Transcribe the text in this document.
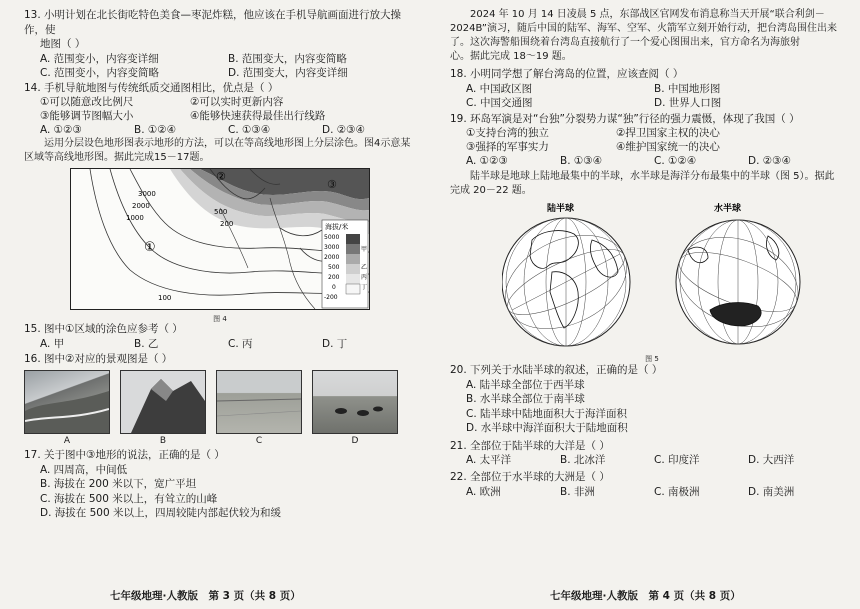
13. 小明计划在北长街吃特色美食—枣泥炸糕，他应该在手机导航画面进行放大操作，使

地图（ ）

A. 范围变小，内容变详细	B. 范围变大，内容变简略
C. 范围变小，内容变简略	D. 范围变大，内容变详细

14. 手机导航地图与传统纸质交通图相比，优点是（ ）

①可以随意改比例尺	②可以实时更新内容
③能够调节图幅大小	④能够快速获得最佳出行线路
A. ①②③	B. ①②④	C. ①③④	D. ②③④

运用分层设色地形图表示地形的方法，可以在等高线地形图上分层涂色。图4示意某

区域等高线地形图。据此完成15－17题。

3000
2000
1000
500
200
100
①
②
③
海拔/米
5000
3000
2000
500
200
0
-200
甲
乙
丙
丁
图 4

15. 图中①区域的涂色应参考（ ）

A. 甲	B. 乙	C. 丙	D. 丁

16. 图中②对应的景观图是（ ）

A	B	C	D

17. 关于图中③地形的说法，正确的是（ ）

A. 四周高，中间低

B. 海拔在 200 米以下，宽广平坦

C. 海拔在 500 米以上，有耸立的山峰

D. 海拔在 500 米以上，四周较陡内部起伏较为和缓

七年级地理·人教版　第 3 页（共 8 页）

2024 年 10 月 14 日凌晨 5 点，东部战区官网发布消息称当天开展“联合利剑－

2024B”演习，随后中国的陆军、海军、空军、火箭军立刻开始行动，把台湾岛围住出来

了。这次海警船围绕着台湾岛直接航行了一个爱心图围出来，官方命名为海旅射

心。据此完成 18～19 题。

18. 小明同学想了解台湾岛的位置，应该查阅（ ）

A. 中国政区图	B. 中国地形图
C. 中国交通图	D. 世界人口图

19. 环岛军演是对“台独”分裂势力谋“独”行径的强力震慑，体现了我国（ ）

①支持台湾的独立	②捍卫国家主权的决心
③强择的军事实力	④维护国家统一的决心
A. ①②③	B. ①③④	C. ①②④	D. ②③④

陆半球是地球上陆地最集中的半球，水半球是海洋分布最集中的半球（图 5）。据此

完成 20－22 题。

陆半球	水半球
图 5

20. 下列关于水陆半球的叙述，正确的是（ ）

A. 陆半球全部位于西半球

B. 水半球全部位于南半球

C. 陆半球中陆地面积大于海洋面积

D. 水半球中海洋面积大于陆地面积

21. 全部位于陆半球的大洋是（ ）

A. 太平洋	B. 北冰洋	C. 印度洋	D. 大西洋

22. 全部位于水半球的大洲是（ ）

A. 欧洲	B. 非洲	C. 南极洲	D. 南美洲
七年级地理·人教版　第 4 页（共 8 页）
